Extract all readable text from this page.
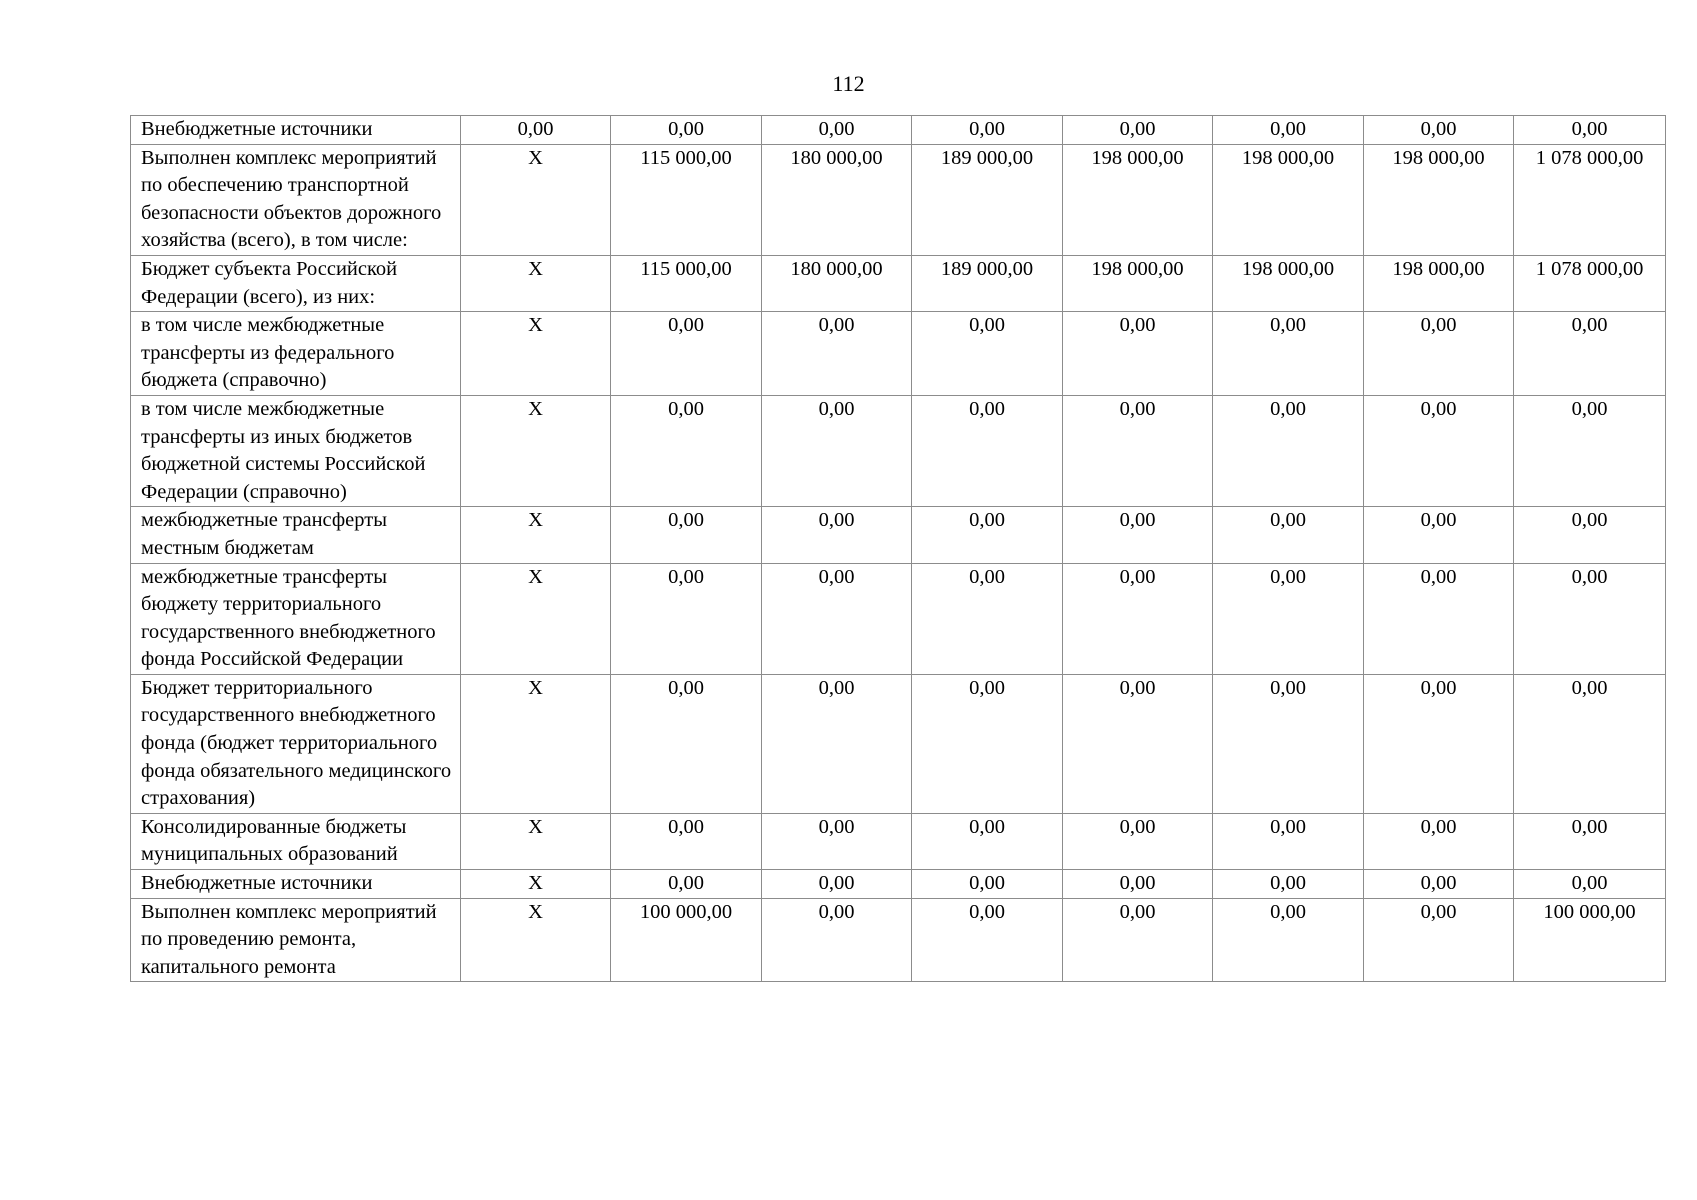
112
Внебюджетные источники	0,00	0,00	0,00	0,00	0,00	0,00	0,00	0,00
Выполнен комплекс мероприятий по обеспечению транспортной безопасности объектов дорожного хозяйства (всего), в том числе:	X	115 000,00	180 000,00	189 000,00	198 000,00	198 000,00	198 000,00	1 078 000,00
Бюджет субъекта Российской Федерации (всего), из них:	X	115 000,00	180 000,00	189 000,00	198 000,00	198 000,00	198 000,00	1 078 000,00
в том числе межбюджетные трансферты из федерального бюджета (справочно)	X	0,00	0,00	0,00	0,00	0,00	0,00	0,00
в том числе межбюджетные трансферты из иных бюджетов бюджетной системы Российской Федерации (справочно)	X	0,00	0,00	0,00	0,00	0,00	0,00	0,00
межбюджетные трансферты местным бюджетам	X	0,00	0,00	0,00	0,00	0,00	0,00	0,00
межбюджетные трансферты бюджету территориального государственного внебюджетного фонда Российской Федерации	X	0,00	0,00	0,00	0,00	0,00	0,00	0,00
Бюджет территориального государственного внебюджетного фонда (бюджет территориального фонда обязательного медицинского страхования)	X	0,00	0,00	0,00	0,00	0,00	0,00	0,00
Консолидированные бюджеты муниципальных образований	X	0,00	0,00	0,00	0,00	0,00	0,00	0,00
Внебюджетные источники	X	0,00	0,00	0,00	0,00	0,00	0,00	0,00
Выполнен комплекс мероприятий по проведению ремонта, капитального ремонта	X	100 000,00	0,00	0,00	0,00	0,00	0,00	100 000,00
